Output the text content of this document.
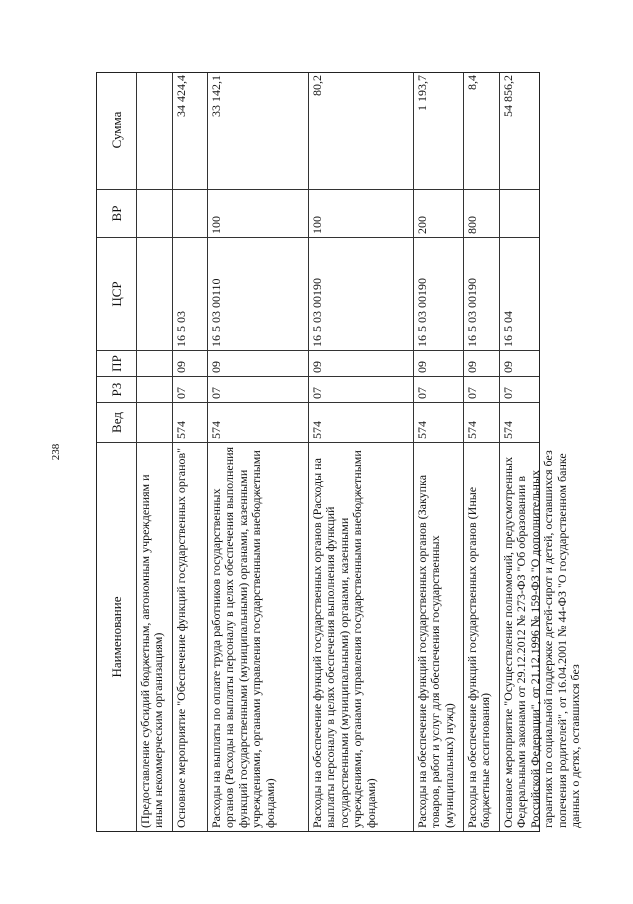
238
Наименование
Вед
РЗ
ПР
ЦСР
ВР
Сумма
(Предоставление субсидий бюджетным, автономным учреждениям и иным некоммерческим организациям) Основное мероприятие "Обеспечение функций государственных органов"
574
07
09
16 5 03
34 424,4
Расходы на выплаты по оплате труда работников государственных органов (Расходы на выплаты персоналу в целях обеспечения выполнения функций государственными (муниципальными) органами, казенными учреждениями, органами управления государственными внебюджетными фондами)
574
07
09
16 5 03 00110
100
33 142,1
Расходы на обеспечение функций государственных органов (Расходы на выплаты персоналу в целях обеспечения выполнения функций государственными (муниципальными) органами, казенными учреждениями, органами управления государственными внебюджетными фондами)
574
07
09
16 5 03 00190
100
80,2
Расходы на обеспечение функций государственных органов (Закупка товаров, работ и услуг для обеспечения государственных (муниципальных) нужд)
574
07
09
16 5 03 00190
200
1 193,7
Расходы на обеспечение функций государственных органов (Иные бюджетные ассигнования)
574
07
09
16 5 03 00190
800
8,4
Основное мероприятие "Осуществление полномочий, предусмотренных Федеральными законами от 29.12.2012 № 273-ФЗ "Об образовании в Российской Федерации", от 21.12.1996 № 159-ФЗ "О дополнительных гарантиях по социальной поддержке детей-сирот и детей, оставшихся без попечения родителей", от 16.04.2001 № 44-ФЗ "О государственном банке данных о детях, оставшихся без
574
07
09
16 5 04
54 856,2
